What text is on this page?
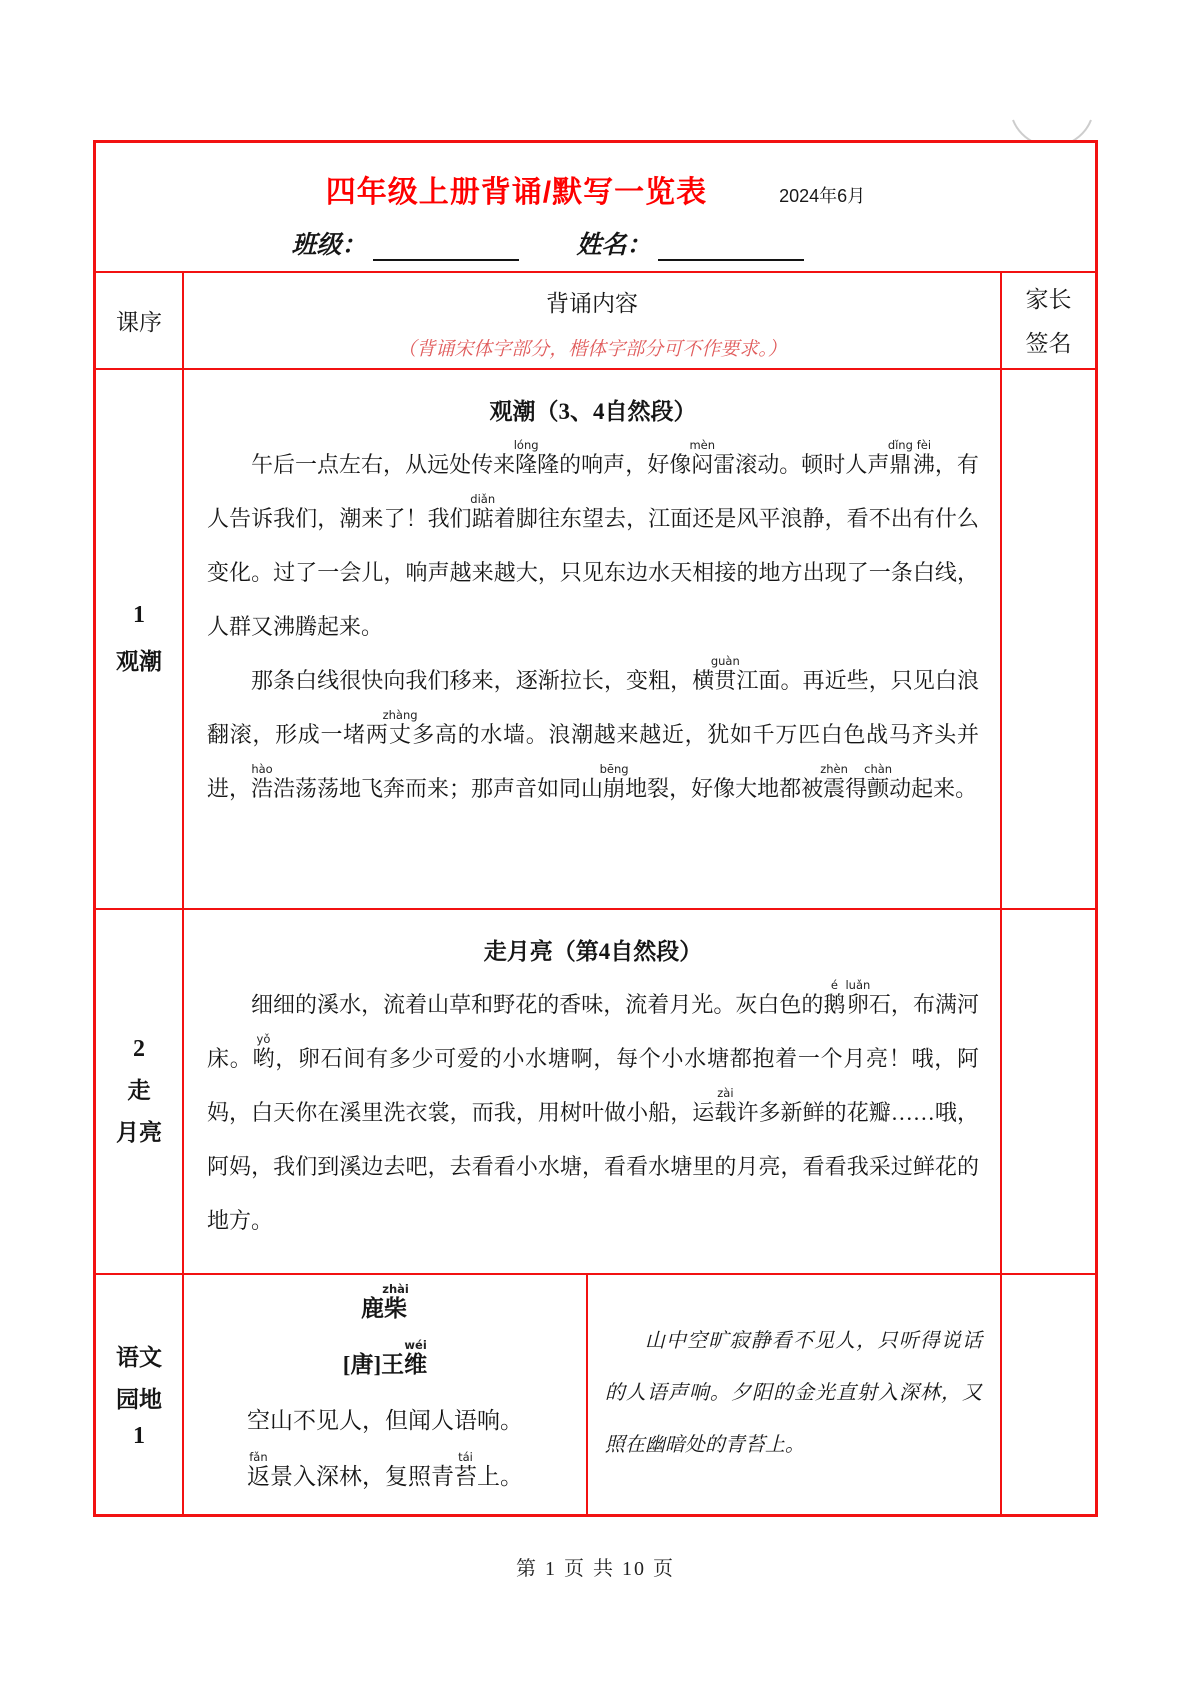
四年级上册背诵/默写一览表	2024年6月
班级：	姓名：
课序
背诵内容
（背诵宋体字部分，楷体字部分可不作要求。）
家长
签名
1
观潮
观潮（3、4自然段）

午后一点左右，从远处传来隆lóng隆的响声，好像闷mèn雷滚动。顿时人声鼎dǐng沸fèi，有人告诉我们，潮来了！我们踮diǎn着脚往东望去，江面还是风平浪静，看不出有什么变化。过了一会儿，响声越来越大，只见东边水天相接的地方出现了一条白线，人群又沸腾起来。

那条白线很快向我们移来，逐渐拉长，变粗，横贯guàn江面。再近些，只见白浪翻滚，形成一堵两丈zhàng多高的水墙。浪潮越来越近，犹如千万匹白色战马齐头并进，浩hào浩荡荡地飞奔而来；那声音如同山崩bēng地裂，好像大地都被震zhèn得颤chàn动起来。

2
走
月亮
走月亮（第4自然段）

细细的溪水，流着山草和野花的香味，流着月光。灰白色的鹅é卵luǎn石，布满河床。哟yǒ，卵石间有多少可爱的小水塘啊，每个小水塘都抱着一个月亮！哦，阿妈，白天你在溪里洗衣裳，而我，用树叶做小船，运载zài许多新鲜的花瓣……哦，阿妈，我们到溪边去吧，去看看小水塘，看看水塘里的月亮，看看我采过鲜花的地方。

语文
园地
1
鹿柴zhài
[唐]王维wéi
空山不见人，但闻人语响。
返fǎn景入深林，复照青苔tái上。
山中空旷寂静看不见人，只听得说话的人语声响。夕阳的金光直射入深林，又照在幽暗处的青苔上。
第 1 页 共 10 页
